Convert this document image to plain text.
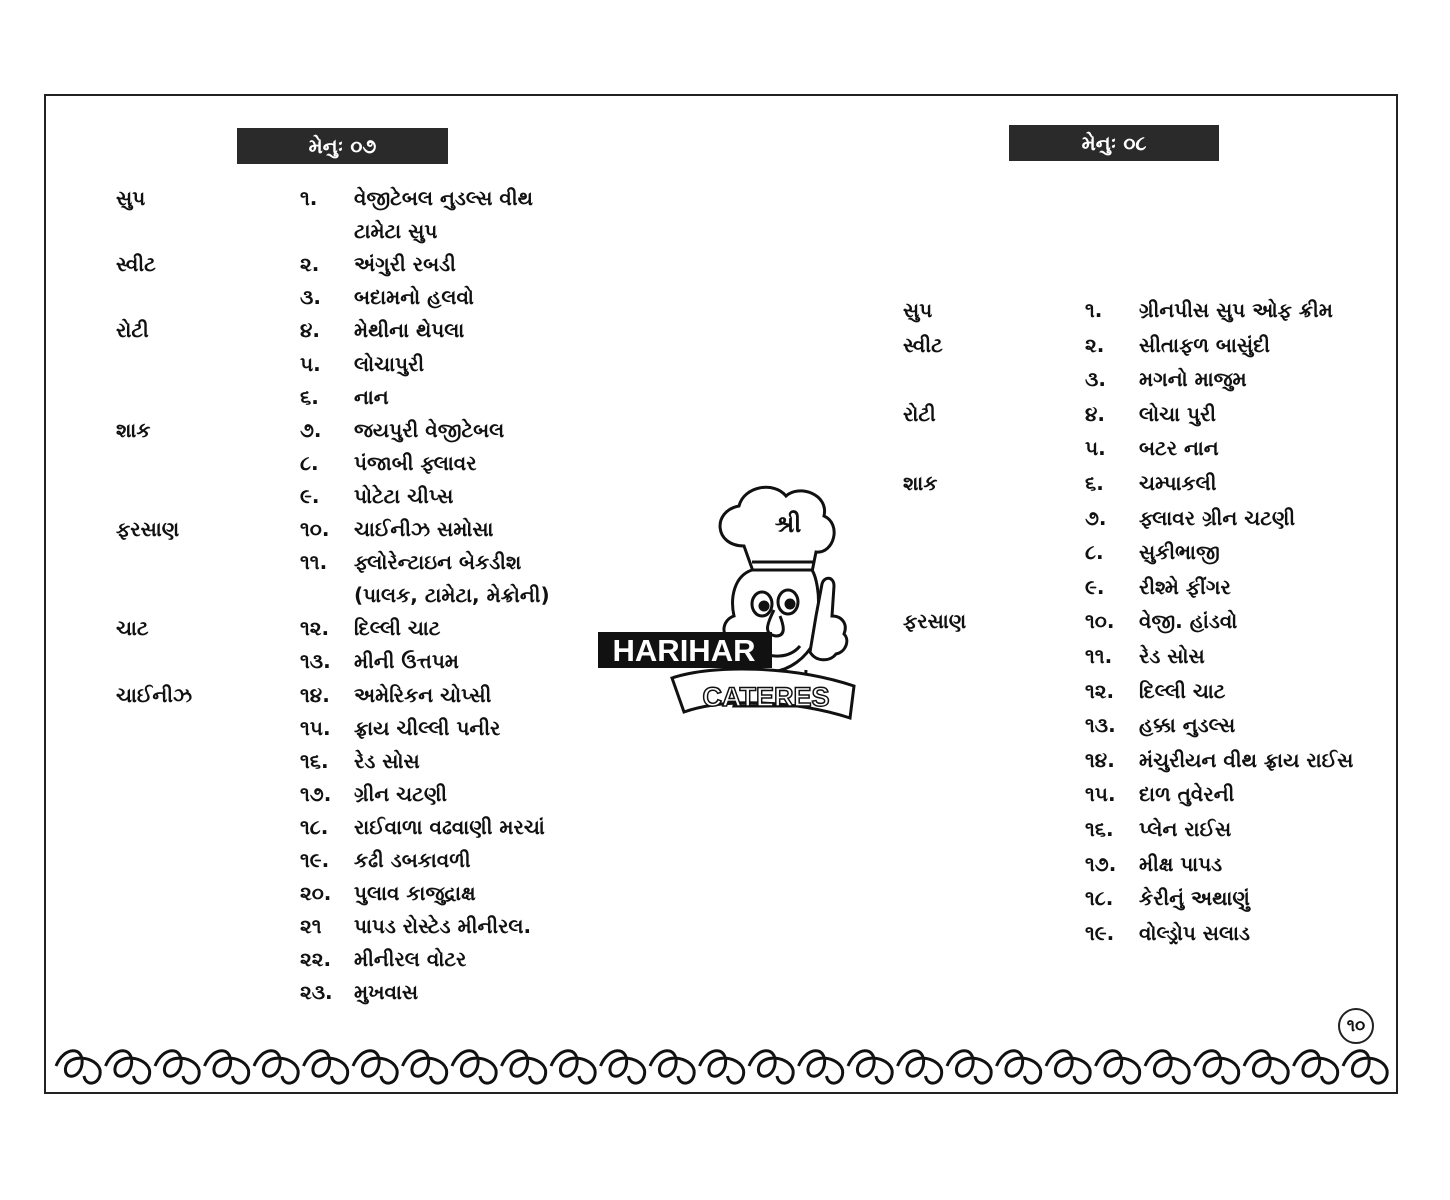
મેનુઃ ૦૭	મેનુઃ ૦૮
સુપ	૧. વેજીટેબલ નુડલ્સ વીથ
ટામેટા સુપ
સ્વીટ	૨. અંગુરી રબડી
૩. બદામનો હલવો
રોટી	૪. મેથીના થેપલા
૫. લોચાપુરી
૬. નાન
શાક	૭. જયપુરી વેજીટેબલ
૮. પંજાબી ફ્લાવર
૯. પોટેટા ચીપ્સ
ફરસાણ	૧૦. ચાઈનીઝ સમોસા
૧૧. ફ્લોરેન્ટાઇન બેકડીશ
(પાલક, ટામેટા, મેક્રોની)
ચાટ	૧૨. દિલ્લી ચાટ
૧૩. મીની ઉત્તપમ
ચાઈનીઝ	૧૪. અમેરિકન ચોપ્સી
૧૫. ફ્રાય ચીલ્લી પનીર
૧૬. રેડ સોસ
૧૭. ગ્રીન ચટણી
૧૮. રાઈવાળા વઢવાણી મરચાં
૧૯. કઢી ડબકાવળી
૨૦. પુલાવ કાજુદ્રાક્ષ
૨૧ પાપડ રોસ્ટેડ મીનીરલ.
૨૨. મીનીરલ વોટર
૨૩. મુખવાસ
સુપ	૧. ગ્રીનપીસ સુપ ઓફ ક્રીમ
સ્વીટ	૨. સીતાફળ બાસુંદી
૩. મગનો માજુમ
રોટી	૪. લોચા પુરી
૫. બટર નાન
શાક	૬. ચમ્પાકલી
૭. ફ્લાવર ગ્રીન ચટણી
૮. સુકીભાજી
૯. રીશ્મે ફીંગર
ફરસાણ	૧૦. વેજી. હાંડવો
૧૧. રેડ સોસ
૧૨. દિલ્લી ચાટ
૧૩. હક્કા નુડલ્સ
૧૪. મંચુરીયન વીથ ફ્રાય રાઈસ
૧૫. દાળ તુવેરની
૧૬. પ્લેન રાઈસ
૧૭. મીક્ષ પાપડ
૧૮. કેરીનું અથાણું
૧૯. વોલ્ડ્રોપ સલાડ
શ્રી
HARIHAR
CATERES
૧૦
